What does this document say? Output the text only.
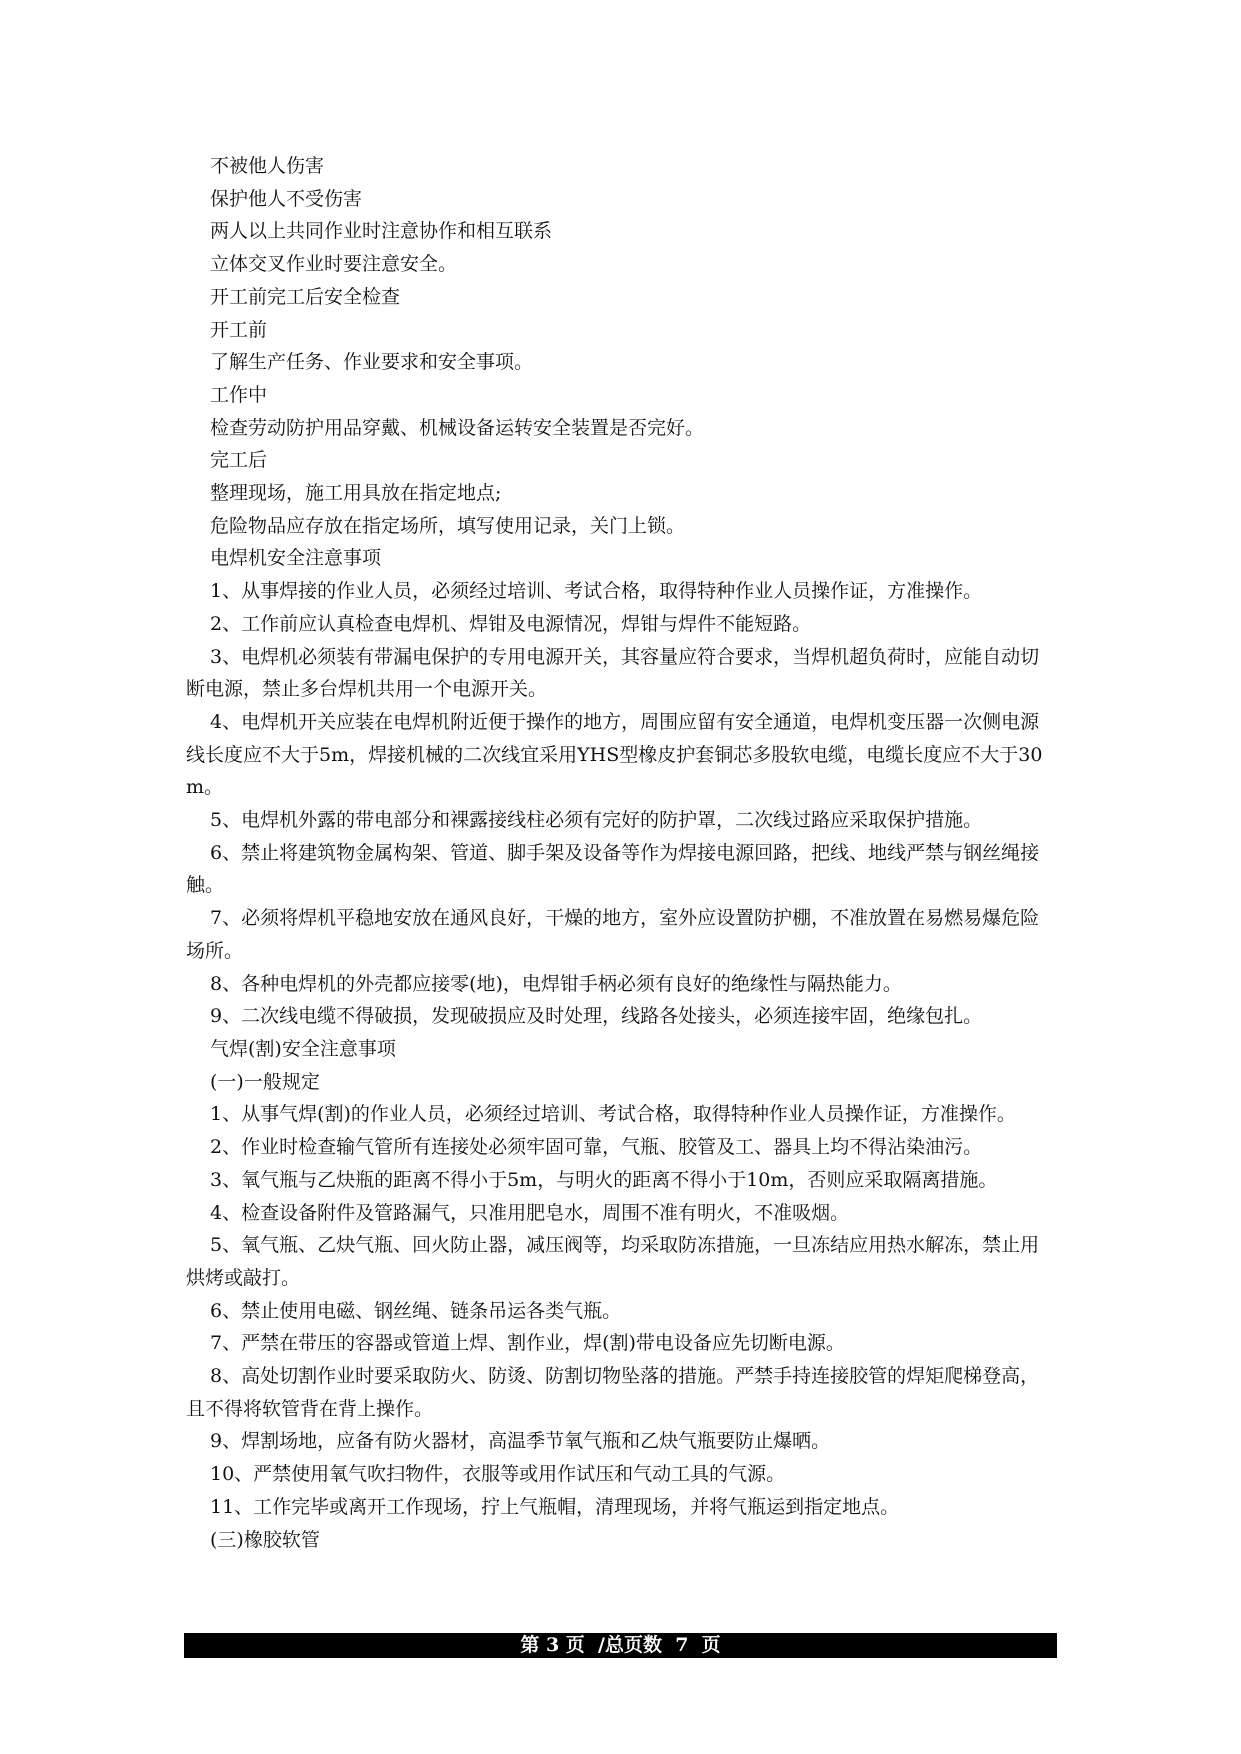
不被他人伤害

保护他人不受伤害

两人以上共同作业时注意协作和相互联系

立体交叉作业时要注意安全。

开工前完工后安全检查

开工前

了解生产任务、作业要求和安全事项。

工作中

检查劳动防护用品穿戴、机械设备运转安全装置是否完好。

完工后

整理现场，施工用具放在指定地点;

危险物品应存放在指定场所，填写使用记录，关门上锁。

电焊机安全注意事项

1、从事焊接的作业人员，必须经过培训、考试合格，取得特种作业人员操作证，方准操作。

2、工作前应认真检查电焊机、焊钳及电源情况，焊钳与焊件不能短路。

3、电焊机必须装有带漏电保护的专用电源开关，其容量应符合要求，当焊机超负荷时，应能自动切断电源，禁止多台焊机共用一个电源开关。

4、电焊机开关应装在电焊机附近便于操作的地方，周围应留有安全通道，电焊机变压器一次侧电源线长度应不大于5m，焊接机械的二次线宜采用YHS型橡皮护套铜芯多股软电缆，电缆长度应不大于30m。

5、电焊机外露的带电部分和裸露接线柱必须有完好的防护罩，二次线过路应采取保护措施。

6、禁止将建筑物金属构架、管道、脚手架及设备等作为焊接电源回路，把线、地线严禁与钢丝绳接触。

7、必须将焊机平稳地安放在通风良好，干燥的地方，室外应设置防护棚，不准放置在易燃易爆危险场所。

8、各种电焊机的外壳都应接零(地)，电焊钳手柄必须有良好的绝缘性与隔热能力。

9、二次线电缆不得破损，发现破损应及时处理，线路各处接头，必须连接牢固，绝缘包扎。

气焊(割)安全注意事项

(一)一般规定

1、从事气焊(割)的作业人员，必须经过培训、考试合格，取得特种作业人员操作证，方准操作。

2、作业时检查输气管所有连接处必须牢固可靠，气瓶、胶管及工、器具上均不得沾染油污。

3、氧气瓶与乙炔瓶的距离不得小于5m，与明火的距离不得小于10m，否则应采取隔离措施。

4、检查设备附件及管路漏气，只准用肥皂水，周围不准有明火，不准吸烟。

5、氧气瓶、乙炔气瓶、回火防止器，减压阀等，均采取防冻措施，一旦冻结应用热水解冻，禁止用烘烤或敲打。

6、禁止使用电磁、钢丝绳、链条吊运各类气瓶。

7、严禁在带压的容器或管道上焊、割作业，焊(割)带电设备应先切断电源。

8、高处切割作业时要采取防火、防烫、防割切物坠落的措施。严禁手持连接胶管的焊矩爬梯登高，且不得将软管背在背上操作。

9、焊割场地，应备有防火器材，高温季节氧气瓶和乙炔气瓶要防止爆晒。

10、严禁使用氧气吹扫物件，衣服等或用作试压和气动工具的气源。

11、工作完毕或离开工作现场，拧上气瓶帽，清理现场，并将气瓶运到指定地点。

(三)橡胶软管

第 3 页  /总页数  7  页
